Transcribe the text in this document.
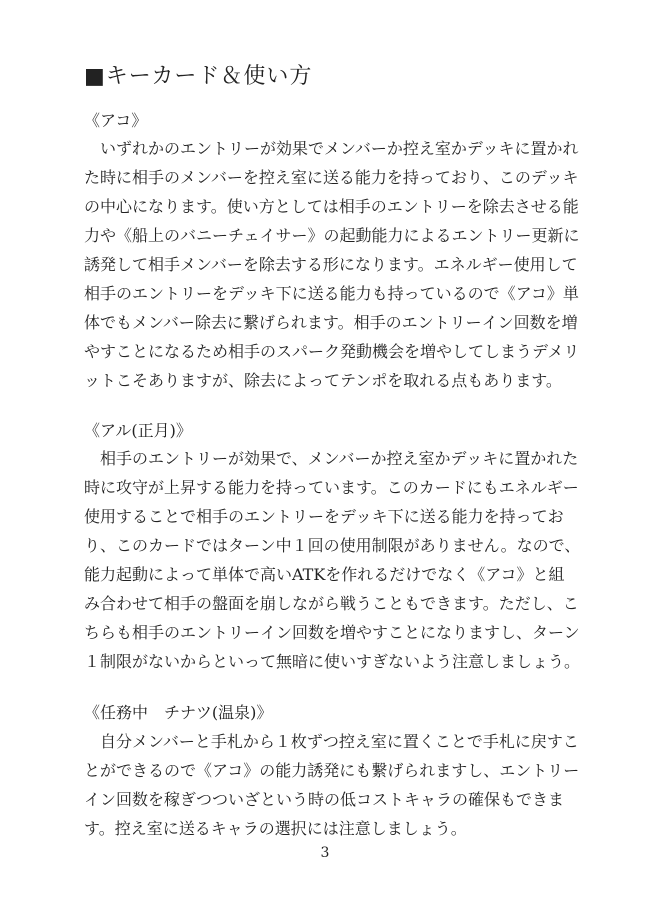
■キーカード＆使い方
《アコ》
　いずれかのエントリーが効果でメンバーか控え室かデッキに置かれ
た時に相手のメンバーを控え室に送る能力を持っており、このデッキ
の中心になります。使い方としては相手のエントリーを除去させる能
力や《船上のバニーチェイサー》の起動能力によるエントリー更新に
誘発して相手メンバーを除去する形になります。エネルギー使用して
相手のエントリーをデッキ下に送る能力も持っているので《アコ》単
体でもメンバー除去に繋げられます。相手のエントリーイン回数を増
やすことになるため相手のスパーク発動機会を増やしてしまうデメリ
ットこそありますが、除去によってテンポを取れる点もあります。
《アル(正月)》
　相手のエントリーが効果で、メンバーか控え室かデッキに置かれた
時に攻守が上昇する能力を持っています。このカードにもエネルギー
使用することで相手のエントリーをデッキ下に送る能力を持ってお
り、このカードではターン中１回の使用制限がありません。なので、
能力起動によって単体で高いATKを作れるだけでなく《アコ》と組
み合わせて相手の盤面を崩しながら戦うこともできます。ただし、こ
ちらも相手のエントリーイン回数を増やすことになりますし、ターン
１制限がないからといって無暗に使いすぎないよう注意しましょう。
《任務中　チナツ(温泉)》
　自分メンバーと手札から１枚ずつ控え室に置くことで手札に戻すこ
とができるので《アコ》の能力誘発にも繋げられますし、エントリー
イン回数を稼ぎつついざという時の低コストキャラの確保もできま
す。控え室に送るキャラの選択には注意しましょう。
3
